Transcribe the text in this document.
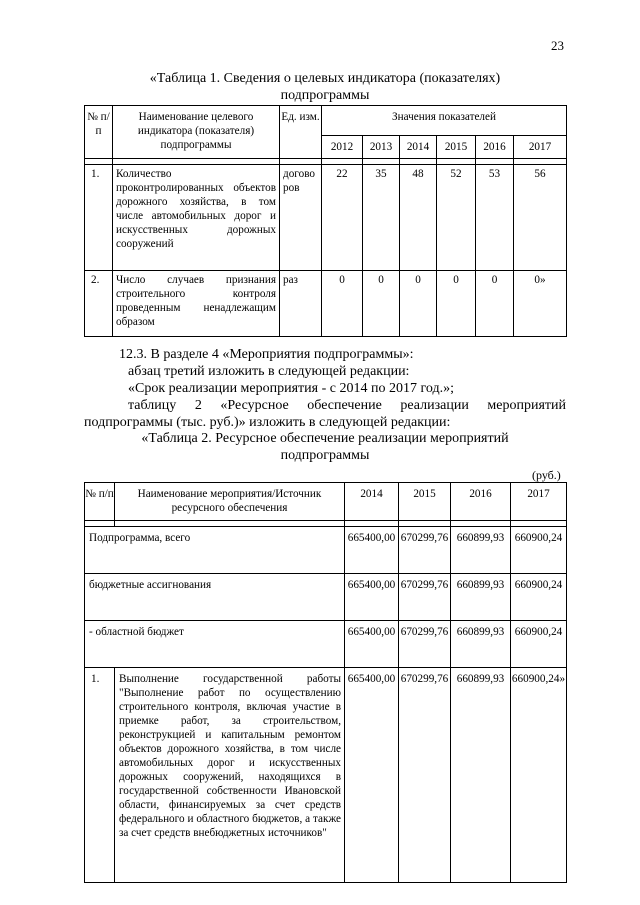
23
«Таблица 1. Сведения о целевых индикатора (показателях)
подпрограммы
№ п/п	Наименование целевого индикатора (показателя) подпрограммы	Ед. изм.	Значения показателей					
			2012	2013	2014	2015	2016	2017

1.	Количество проконтролированных объектов дорожного хозяйства, в том числе автомобильных дорог и искусственных дорожных сооружений	догово ров	22	35	48	52	53	56
2.	Число случаев признания строительного контроля проведенным ненадлежащим образом	раз	0	0	0	0	0	0»
12.3. В разделе 4 «Мероприятия подпрограммы»:
абзац третий изложить в следующей редакции:
«Срок реализации мероприятия - с 2014 по 2017 год.»;
таблицу 2 «Ресурсное обеспечение реализации мероприятий
подпрограммы (тыс. руб.)» изложить в следующей редакции:
«Таблица 2. Ресурсное обеспечение реализации мероприятий
подпрограммы
(руб.)
№ п/п	Наименование мероприятия/Источник ресурсного обеспечения	2014	2015	2016	2017

Подпрограмма, всего		665400,00	670299,76	660899,93	660900,24
бюджетные ассигнования		665400,00	670299,76	660899,93	660900,24
- областной бюджет		665400,00	670299,76	660899,93	660900,24
1.	Выполнение государственной работы "Выполнение работ по осуществлению строительного контроля, включая участие в приемке работ, за строительством, реконструкцией и капитальным ремонтом объектов дорожного хозяйства, в том числе автомобильных дорог и искусственных дорожных сооружений, находящихся в государственной собственности Ивановской области, финансируемых за счет средств федерального и областного бюджетов, а также за счет средств внебюджетных источников"	665400,00	670299,76	660899,93	660900,24»
